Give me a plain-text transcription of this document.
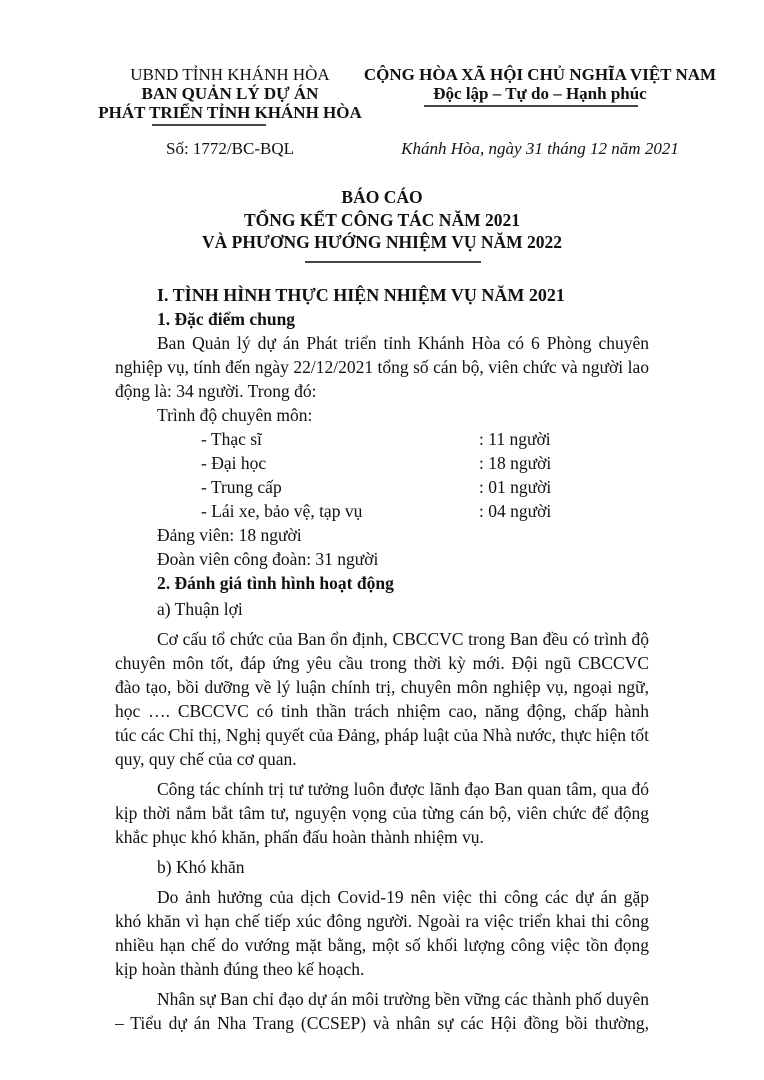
UBND TỈNH KHÁNH HÒA
BAN QUẢN LÝ DỰ ÁN
PHÁT TRIỂN TỈNH KHÁNH HÒA
CỘNG HÒA XÃ HỘI CHỦ NGHĨA VIỆT NAM
Độc lập – Tự do – Hạnh phúc
Số: 1772/BC-BQL	Khánh Hòa, ngày 31 tháng 12 năm 2021
BÁO CÁO
TỔNG KẾT CÔNG TÁC NĂM 2021
VÀ PHƯƠNG HƯỚNG NHIỆM VỤ NĂM 2022
I. TÌNH HÌNH THỰC HIỆN NHIỆM VỤ NĂM 2021
1. Đặc điểm chung
Ban Quản lý dự án Phát triển tỉnh Khánh Hòa có 6 Phòng chuyên
nghiệp vụ, tính đến ngày 22/12/2021 tổng số cán bộ, viên chức và người lao
động là: 34 người. Trong đó:
Trình độ chuyên môn:
- Thạc sĩ	: 11 người
- Đại học	: 18 người
- Trung cấp	: 01 người
- Lái xe, bảo vệ, tạp vụ	: 04 người
Đảng viên: 18 người
Đoàn viên công đoàn: 31 người
2. Đánh giá tình hình hoạt động
a) Thuận lợi
Cơ cấu tổ chức của Ban ổn định, CBCCVC trong Ban đều có trình độ
chuyên môn tốt, đáp ứng yêu cầu trong thời kỳ mới. Đội ngũ CBCCVC
đào tạo, bồi dưỡng về lý luận chính trị, chuyên môn nghiệp vụ, ngoại ngữ,
học …. CBCCVC có tinh thần trách nhiệm cao, năng động, chấp hành
túc các Chỉ thị, Nghị quyết của Đảng, pháp luật của Nhà nước, thực hiện tốt
quy, quy chế của cơ quan.
Công tác chính trị tư tưởng luôn được lãnh đạo Ban quan tâm, qua đó
kịp thời nắm bắt tâm tư, nguyện vọng của từng cán bộ, viên chức để động
khắc phục khó khăn, phấn đấu hoàn thành nhiệm vụ.
b) Khó khăn
Do ảnh hưởng của dịch Covid-19 nên việc thi công các dự án gặp
khó khăn vì hạn chế tiếp xúc đông người. Ngoài ra việc triển khai thi công
nhiều hạn chế do vướng mặt bằng, một số khối lượng công việc tồn đọng
kịp hoàn thành đúng theo kế hoạch.
Nhân sự Ban chỉ đạo dự án môi trường bền vững các thành phố duyên
– Tiểu dự án Nha Trang (CCSEP) và nhân sự các Hội đồng bồi thường,
